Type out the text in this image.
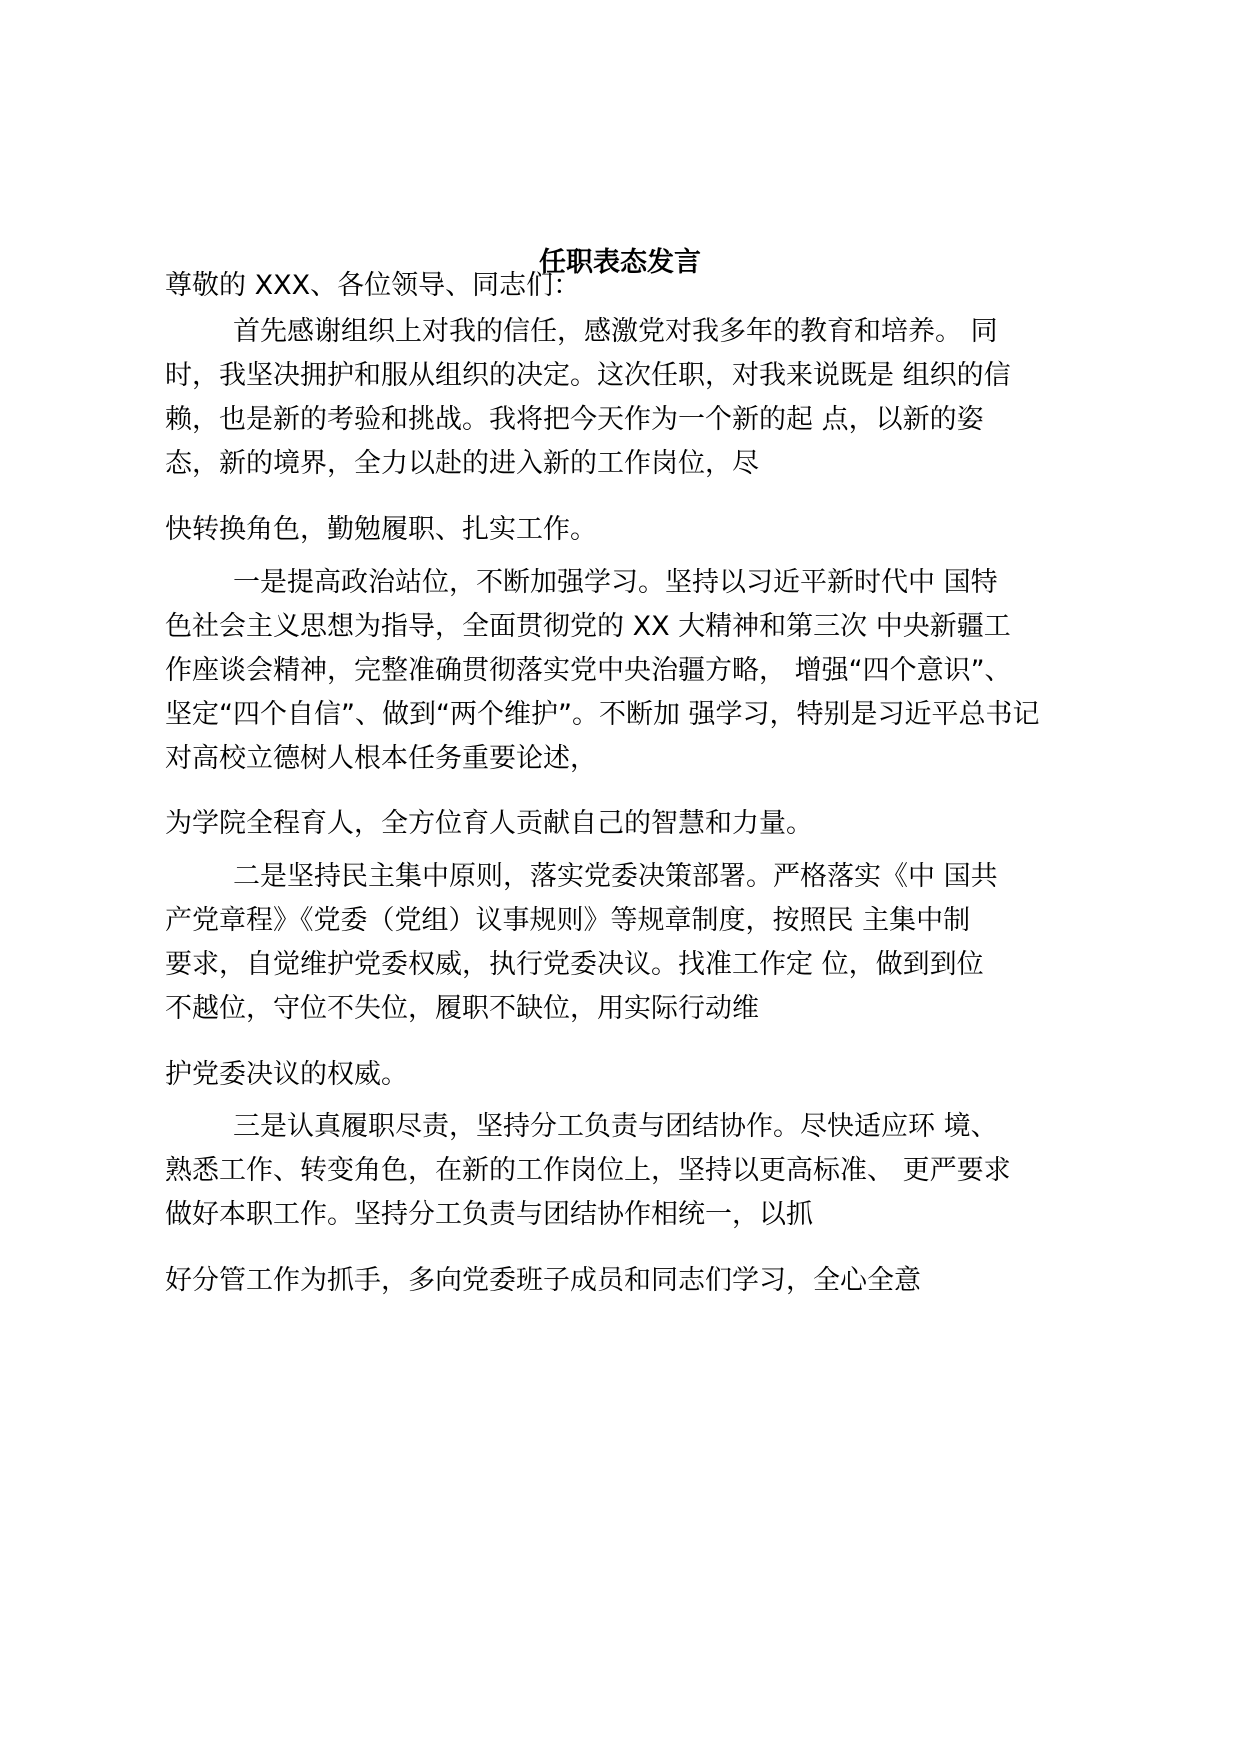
任职表态发言
尊敬的 XXX、各位领导、同志们：
首先感谢组织上对我的信任，感激党对我多年的教育和培养。 同
时，我坚决拥护和服从组织的决定。这次任职，对我来说既是 组织的信
赖，也是新的考验和挑战。我将把今天作为一个新的起 点，以新的姿
态，新的境界，全力以赴的进入新的工作岗位，尽
快转换角色，勤勉履职、扎实工作。
一是提高政治站位，不断加强学习。坚持以习近平新时代中 国特
色社会主义思想为指导，全面贯彻党的 XX 大精神和第三次 中央新疆工
作座谈会精神，完整准确贯彻落实党中央治疆方略， 增强“四个意识”、
坚定“四个自信”、做到“两个维护”。不断加 强学习，特别是习近平总书记
对高校立德树人根本任务重要论述，
为学院全程育人，全方位育人贡献自己的智慧和力量。
二是坚持民主集中原则，落实党委决策部署。严格落实《中 国共
产党章程》《党委（党组）议事规则》等规章制度，按照民 主集中制
要求，自觉维护党委权威，执行党委决议。找准工作定 位，做到到位
不越位，守位不失位，履职不缺位，用实际行动维
护党委决议的权威。
三是认真履职尽责，坚持分工负责与团结协作。尽快适应环 境、
熟悉工作、转变角色，在新的工作岗位上，坚持以更高标准、 更严要求
做好本职工作。坚持分工负责与团结协作相统一，以抓
好分管工作为抓手，多向党委班子成员和同志们学习，全心全意
